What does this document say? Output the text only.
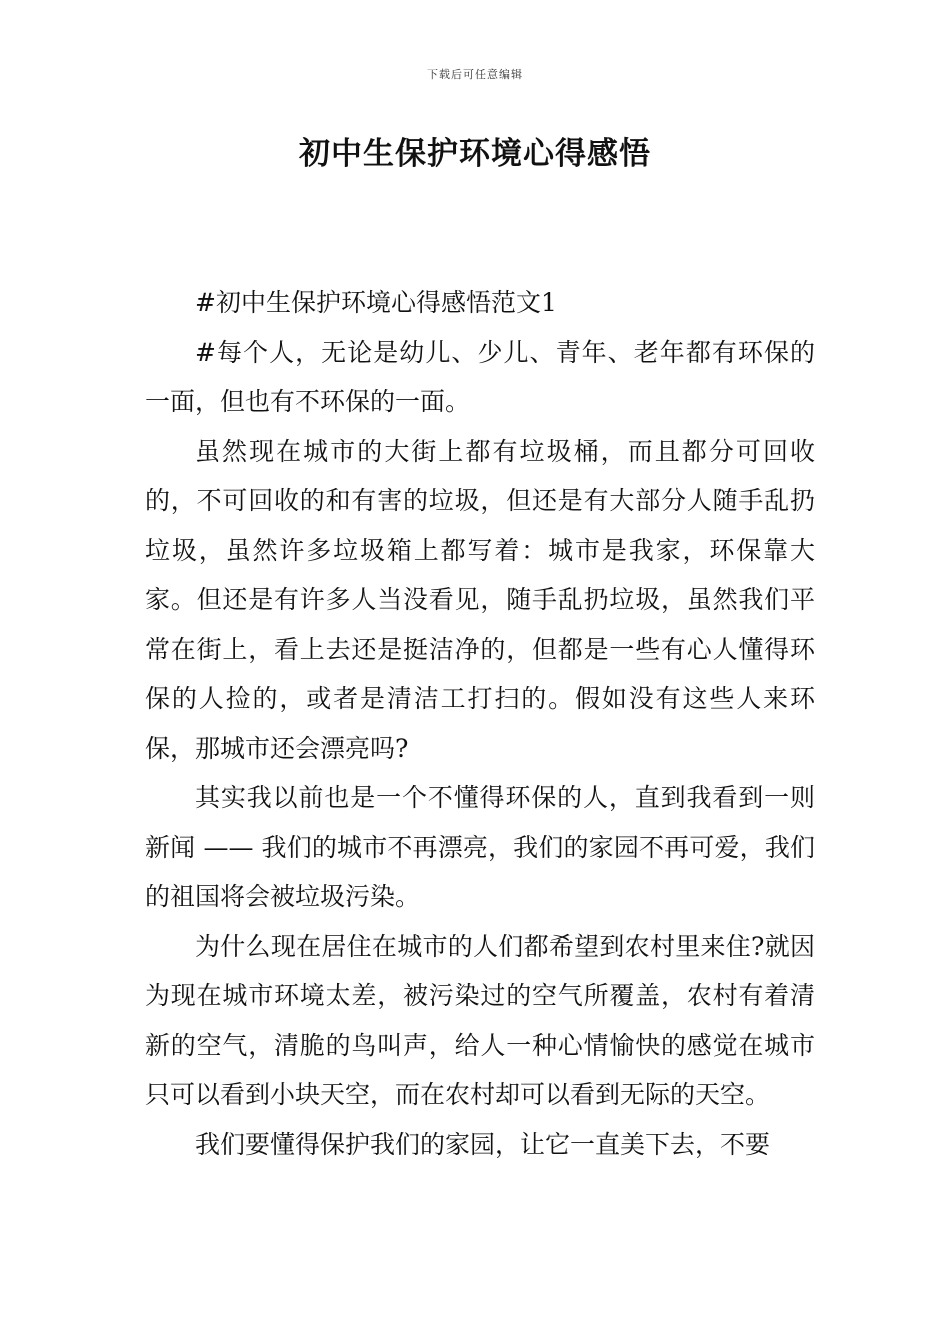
下载后可任意编辑
初中生保护环境心得感悟

#初中生保护环境心得感悟范文1

#每个人，无论是幼儿、少儿、青年、老年都有环保的一面，但也有不环保的一面。

虽然现在城市的大街上都有垃圾桶，而且都分可回收的，不可回收的和有害的垃圾，但还是有大部分人随手乱扔垃圾，虽然许多垃圾箱上都写着：城市是我家，环保靠大家。但还是有许多人当没看见，随手乱扔垃圾，虽然我们平常在街上，看上去还是挺洁净的，但都是一些有心人懂得环保的人捡的，或者是清洁工打扫的。假如没有这些人来环保，那城市还会漂亮吗?

其实我以前也是一个不懂得环保的人，直到我看到一则新闻 —— 我们的城市不再漂亮，我们的家园不再可爱，我们的祖国将会被垃圾污染。

为什么现在居住在城市的人们都希望到农村里来住?就因为现在城市环境太差，被污染过的空气所覆盖，农村有着清新的空气，清脆的鸟叫声，给人一种心情愉快的感觉在城市只可以看到小块天空，而在农村却可以看到无际的天空。

我们要懂得保护我们的家园，让它一直美下去，不要
